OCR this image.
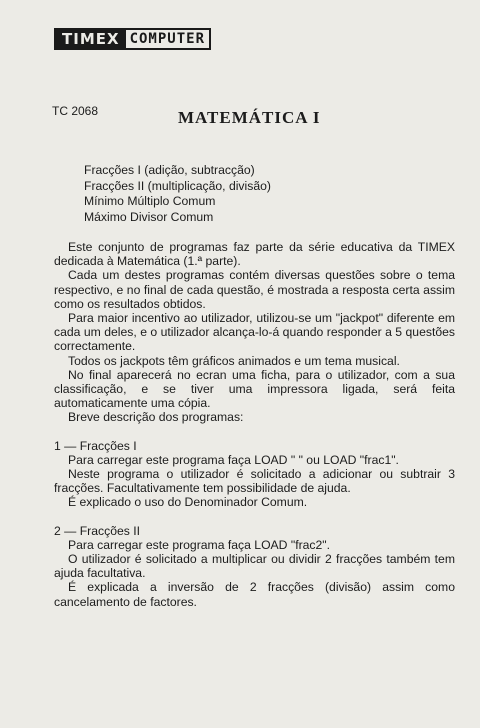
TIMEX COMPUTER
TC 2068	MATEMÁTICA I
Fracções I (adição, subtracção)
Fracções II (multiplicação, divisão)
Mínimo Múltiplo Comum
Máximo Divisor Comum

Este conjunto de programas faz parte da série educativa da TIMEX dedicada à Matemática (1.ª parte).

Cada um destes programas contém diversas questões sobre o tema respectivo, e no final de cada questão, é mostrada a resposta certa assim como os resultados obtidos.

Para maior incentivo ao utilizador, utilizou-se um "jackpot" diferente em cada um deles, e o utilizador alcança-lo-á quando responder a 5 questões correctamente.

Todos os jackpots têm gráficos animados e um tema musical.

No final aparecerá no ecran uma ficha, para o utilizador, com a sua classificação, e se tiver uma impressora ligada, será feita automaticamente uma cópia.

Breve descrição dos programas:

1 — Fracções I

Para carregar este programa faça LOAD " " ou LOAD "frac1".

Neste programa o utilizador é solicitado a adicionar ou subtrair 3 fracções. Facultativamente tem possibilidade de ajuda.

É explicado o uso do Denominador Comum.

2 — Fracções II

Para carregar este programa faça LOAD "frac2".

O utilizador é solicitado a multiplicar ou dividir 2 fracções também tem ajuda facultativa.

É explicada a inversão de 2 fracções (divisão) assim como cancelamento de factores.
